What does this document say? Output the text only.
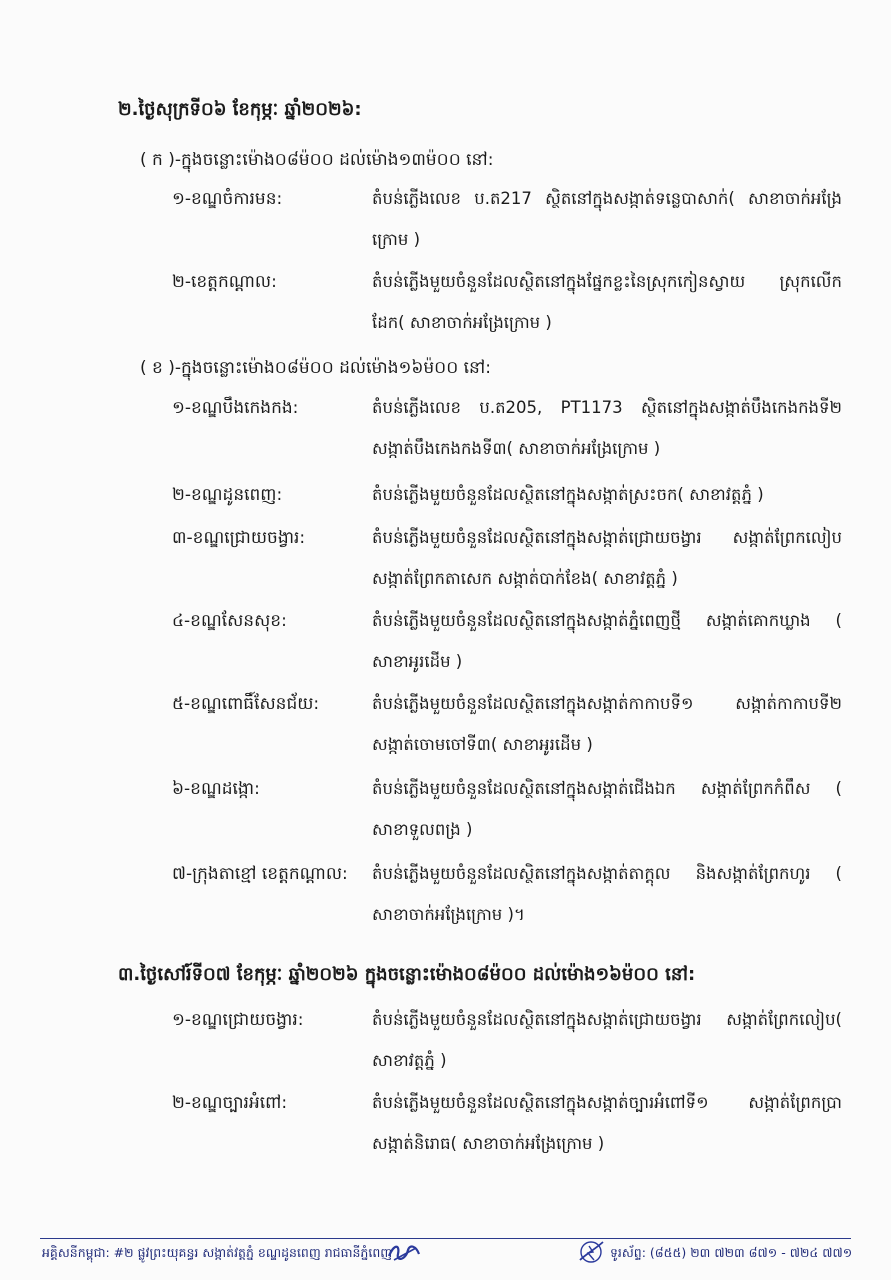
២.ថ្ងៃសុក្រទី០៦ ខែកុម្ភៈ ឆ្នាំ២០២៦:
( ក )-ក្នុងចន្លោះម៉ោង០៨ម៉០០ ដល់ម៉ោង១៣ម៉០០ នៅ:
១-ខណ្ឌចំការមន:	តំបន់ភ្លើងលេខ ប.ត217 ស្ថិតនៅក្នុងសង្កាត់ទន្លេបាសាក់( សាខាចាក់អង្រែក្រោម )
២-ខេត្តកណ្ដាល:	តំបន់ភ្លើងមួយចំនួនដែលស្ថិតនៅក្នុងផ្នែកខ្លះនៃស្រុកកៀនស្វាយ ស្រុកលើកដែក( សាខាចាក់អង្រែក្រោម )
( ខ )-ក្នុងចន្លោះម៉ោង០៨ម៉០០ ដល់ម៉ោង១៦ម៉០០ នៅ:
១-ខណ្ឌបឹងកេងកង:	តំបន់ភ្លើងលេខ ប.ត205, PT1173 ស្ថិតនៅក្នុងសង្កាត់បឹងកេងកងទី២ សង្កាត់បឹងកេងកងទី៣( សាខាចាក់អង្រែក្រោម )
២-ខណ្ឌដូនពេញ:	តំបន់ភ្លើងមួយចំនួនដែលស្ថិតនៅក្នុងសង្កាត់ស្រះចក( សាខាវត្តភ្នំ )
៣-ខណ្ឌជ្រោយចង្វារ:	តំបន់ភ្លើងមួយចំនួនដែលស្ថិតនៅក្នុងសង្កាត់ជ្រោយចង្វារ សង្កាត់ព្រែកលៀប សង្កាត់ព្រែកតាសេក សង្កាត់បាក់ខែង( សាខាវត្តភ្នំ )
៤-ខណ្ឌសែនសុខ:	តំបន់ភ្លើងមួយចំនួនដែលស្ថិតនៅក្នុងសង្កាត់ភ្នំពេញថ្មី សង្កាត់គោកឃ្លាង ( សាខាអូរដើម )
៥-ខណ្ឌពោធិ៍សែនជ័យ:	តំបន់ភ្លើងមួយចំនួនដែលស្ថិតនៅក្នុងសង្កាត់កាកាបទី១ សង្កាត់កាកាបទី២ សង្កាត់ចោមចៅទី៣( សាខាអូរដើម )
៦-ខណ្ឌដង្កោ:	តំបន់ភ្លើងមួយចំនួនដែលស្ថិតនៅក្នុងសង្កាត់ជើងឯក សង្កាត់ព្រែកកំពឹស ( សាខាទួលពង្រ )
៧-ក្រុងតាខ្មៅ ខេត្តកណ្ដាល: តំបន់ភ្លើងមួយចំនួនដែលស្ថិតនៅក្នុងសង្កាត់តាក្ដុល និងសង្កាត់ព្រែកហូរ ( សាខាចាក់អង្រែក្រោម )។
៣.ថ្ងៃសៅរ៍ទី០៧ ខែកុម្ភៈ ឆ្នាំ២០២៦ ក្នុងចន្លោះម៉ោង០៨ម៉០០ ដល់ម៉ោង១៦ម៉០០ នៅ:
១-ខណ្ឌជ្រោយចង្វារ:	តំបន់ភ្លើងមួយចំនួនដែលស្ថិតនៅក្នុងសង្កាត់ជ្រោយចង្វារ សង្កាត់ព្រែកលៀប( សាខាវត្តភ្នំ )
២-ខណ្ឌច្បារអំពៅ:	តំបន់ភ្លើងមួយចំនួនដែលស្ថិតនៅក្នុងសង្កាត់ច្បារអំពៅទី១ សង្កាត់ព្រែកប្រា សង្កាត់និរោធ( សាខាចាក់អង្រែក្រោម )
អគ្គិសនីកម្ពុជា: #២ ផ្លូវព្រះយុគន្ធរ សង្កាត់វត្តភ្នំ ខណ្ឌដូនពេញ រាជធានីភ្នំពេញ	ទូរស័ព្ទ: (៨៥៥) ២៣ ៧២៣ ៨៧១ - ៧២៤ ៧៧១
